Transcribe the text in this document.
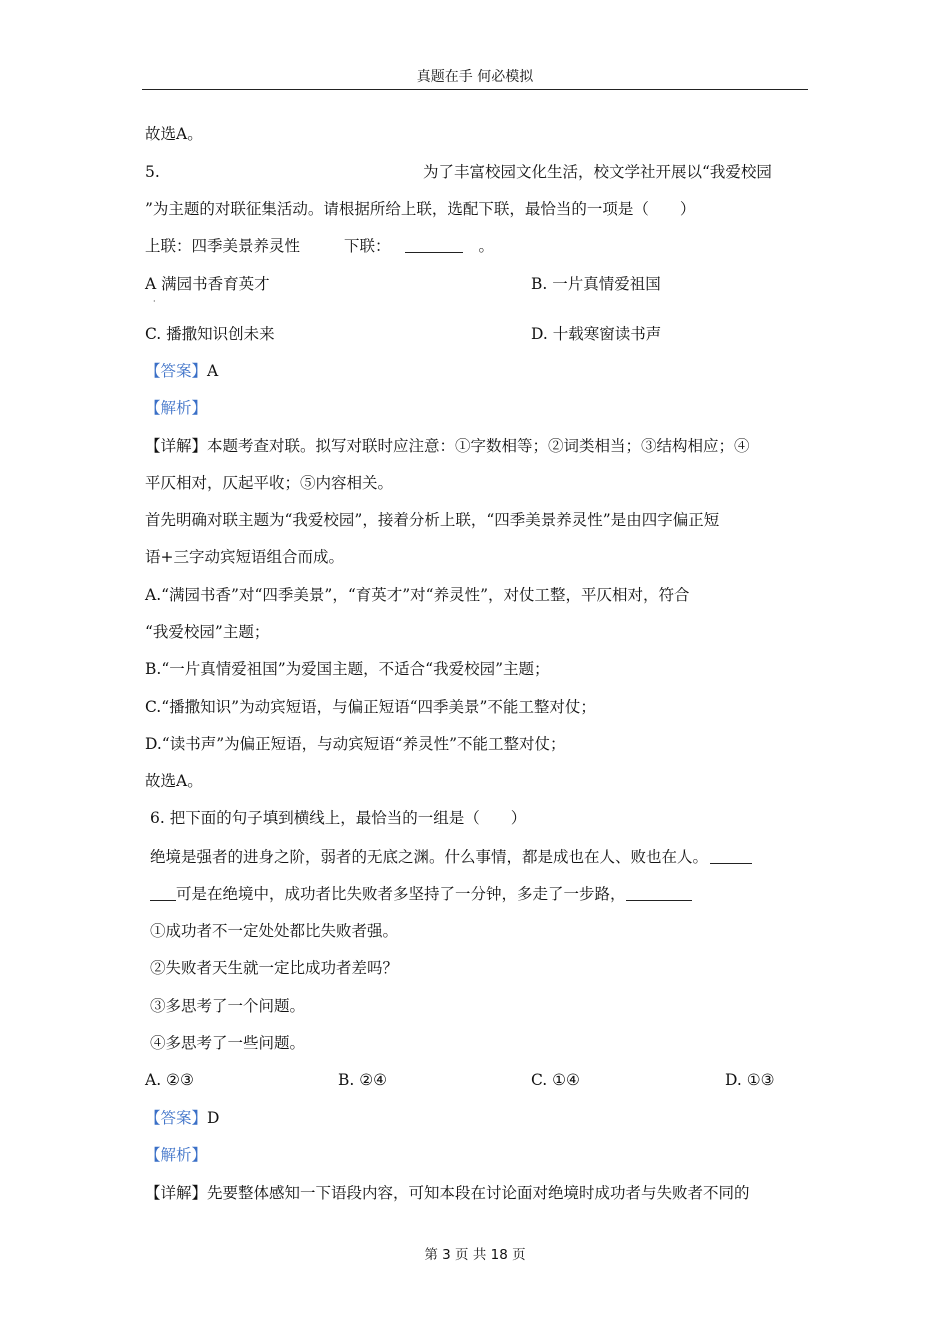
真题在手 何必模拟
故选A。
5.	为了丰富校园文化生活，校文学社开展以“我爱校园
”为主题的对联征集活动。请根据所给上联，选配下联，最恰当的一项是（　　）
上联：四季美景养灵性	下联：	。
A 满园书香育英才	B. 一片真情爱祖国
·
C. 播撒知识创未来	D. 十载寒窗读书声
【答案】A
【解析】
【详解】本题考查对联。拟写对联时应注意：①字数相等；②词类相当；③结构相应；④
平仄相对，仄起平收；⑤内容相关。
首先明确对联主题为“我爱校园”，接着分析上联，“四季美景养灵性”是由四字偏正短
语+三字动宾短语组合而成。
A.“满园书香”对“四季美景”，“育英才”对“养灵性”，对仗工整，平仄相对，符合
“我爱校园”主题；
B.“一片真情爱祖国”为爱国主题，不适合“我爱校园”主题；
C.“播撒知识”为动宾短语，与偏正短语“四季美景”不能工整对仗；
D.“读书声”为偏正短语，与动宾短语“养灵性”不能工整对仗；
故选A。
6. 把下面的句子填到横线上，最恰当的一组是（　　）
绝境是强者的进身之阶，弱者的无底之渊。什么事情，都是成也在人、败也在人。
可是在绝境中，成功者比失败者多坚持了一分钟，多走了一步路，
①成功者不一定处处都比失败者强。
②失败者天生就一定比成功者差吗？
③多思考了一个问题。
④多思考了一些问题。
A. ②③	B. ②④	C. ①④	D. ①③
【答案】D
【解析】
【详解】先要整体感知一下语段内容，可知本段在讨论面对绝境时成功者与失败者不同的
第 3 页 共 18 页
